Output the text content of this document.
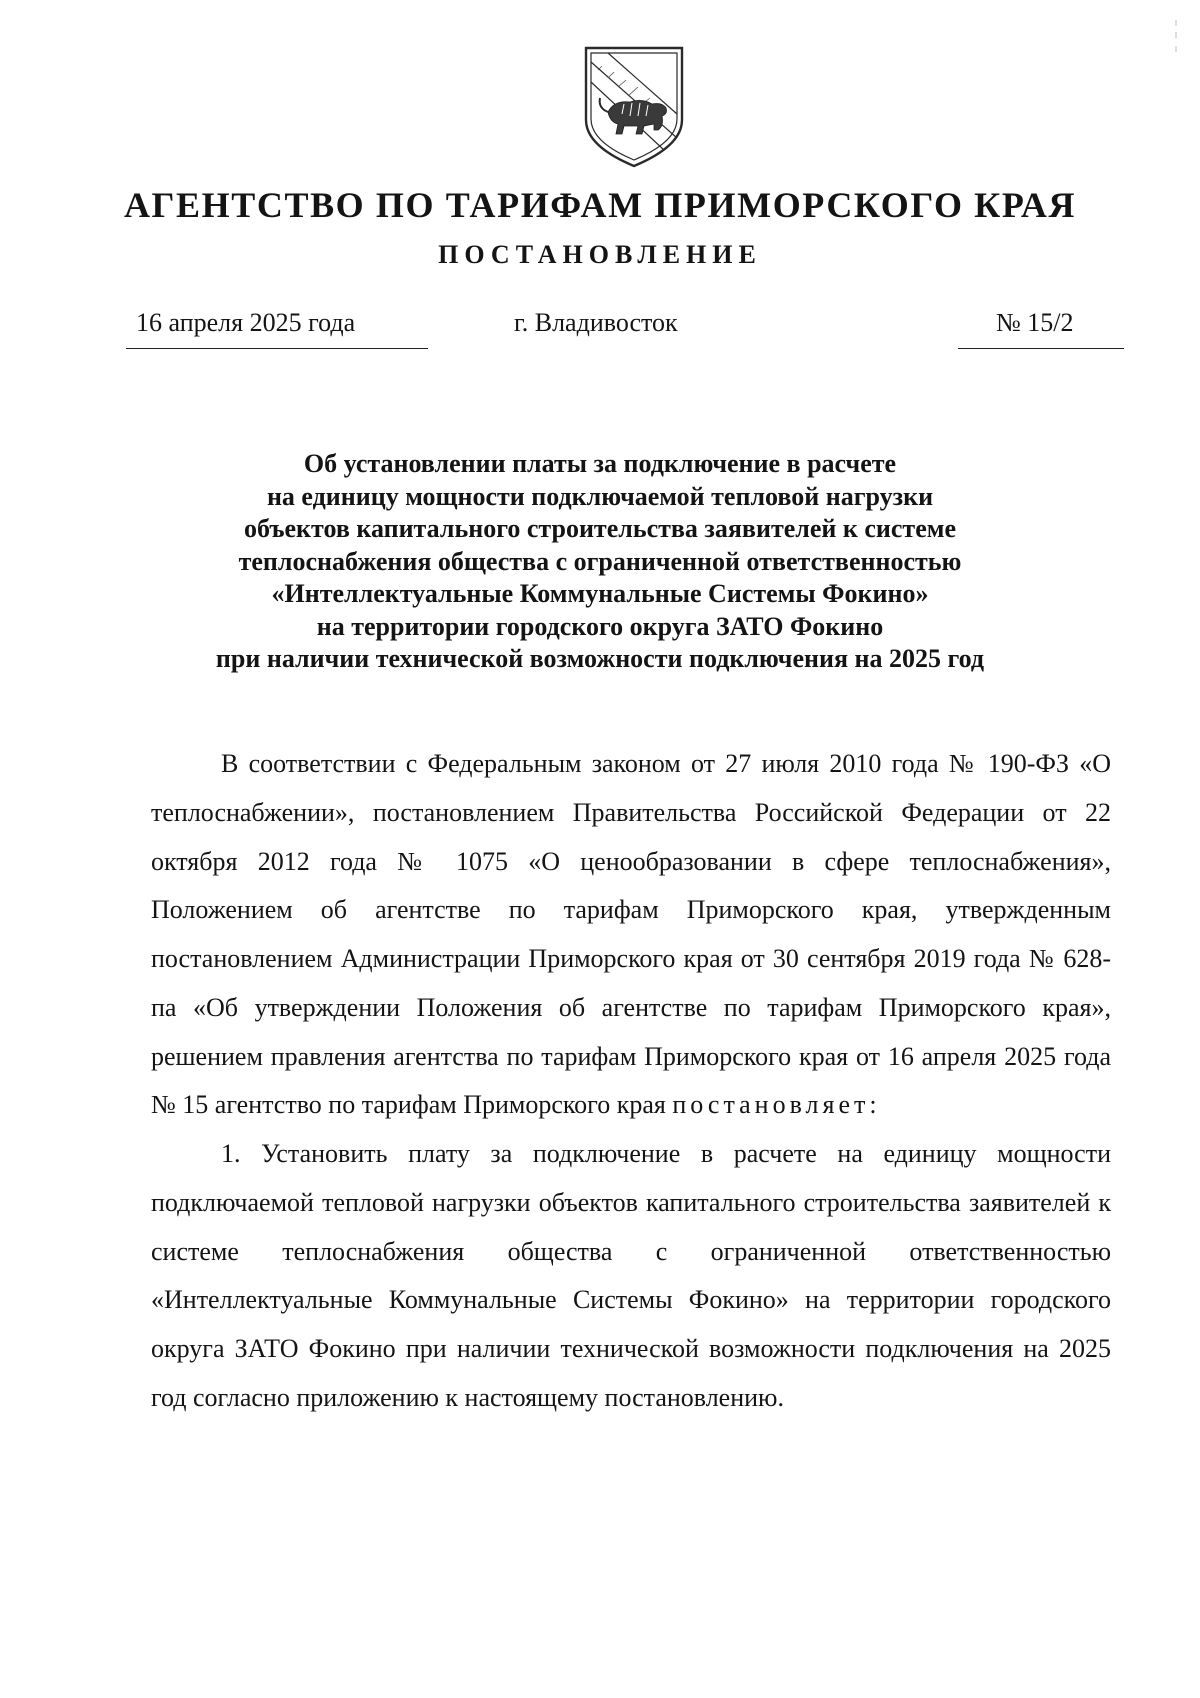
АГЕНТСТВО ПО ТАРИФАМ ПРИМОРСКОГО КРАЯ
ПОСТАНОВЛЕНИЕ
16 апреля 2025 года	г. Владивосток	№ 15/2
Об установлении платы за подключение в расчете
на единицу мощности подключаемой тепловой нагрузки
объектов капитального строительства заявителей к системе
теплоснабжения общества с ограниченной ответственностью
«Интеллектуальные Коммунальные Системы Фокино»
на территории городского округа ЗАТО Фокино
при наличии технической возможности подключения на 2025 год

В соответствии с Федеральным законом от 27 июля 2010 года № 190-ФЗ «О теплоснабжении», постановлением Правительства Российской Федерации от 22 октября 2012 года № 1075 «О ценообразовании в сфере теплоснабжения», Положением об агентстве по тарифам Приморского края, утвержденным постановлением Администрации Приморского края от 30 сентября 2019 года № 628-па «Об утверждении Положения об агентстве по тарифам Приморского края», решением правления агентства по тарифам Приморского края от 16 апреля 2025 года № 15 агентство по тарифам Приморского края постановляет:

1. Установить плату за подключение в расчете на единицу мощности подключаемой тепловой нагрузки объектов капитального строительства заявителей к системе теплоснабжения общества с ограниченной ответственностью «Интеллектуальные Коммунальные Системы Фокино» на территории городского округа ЗАТО Фокино при наличии технической возможности подключения на 2025 год согласно приложению к настоящему постановлению.
